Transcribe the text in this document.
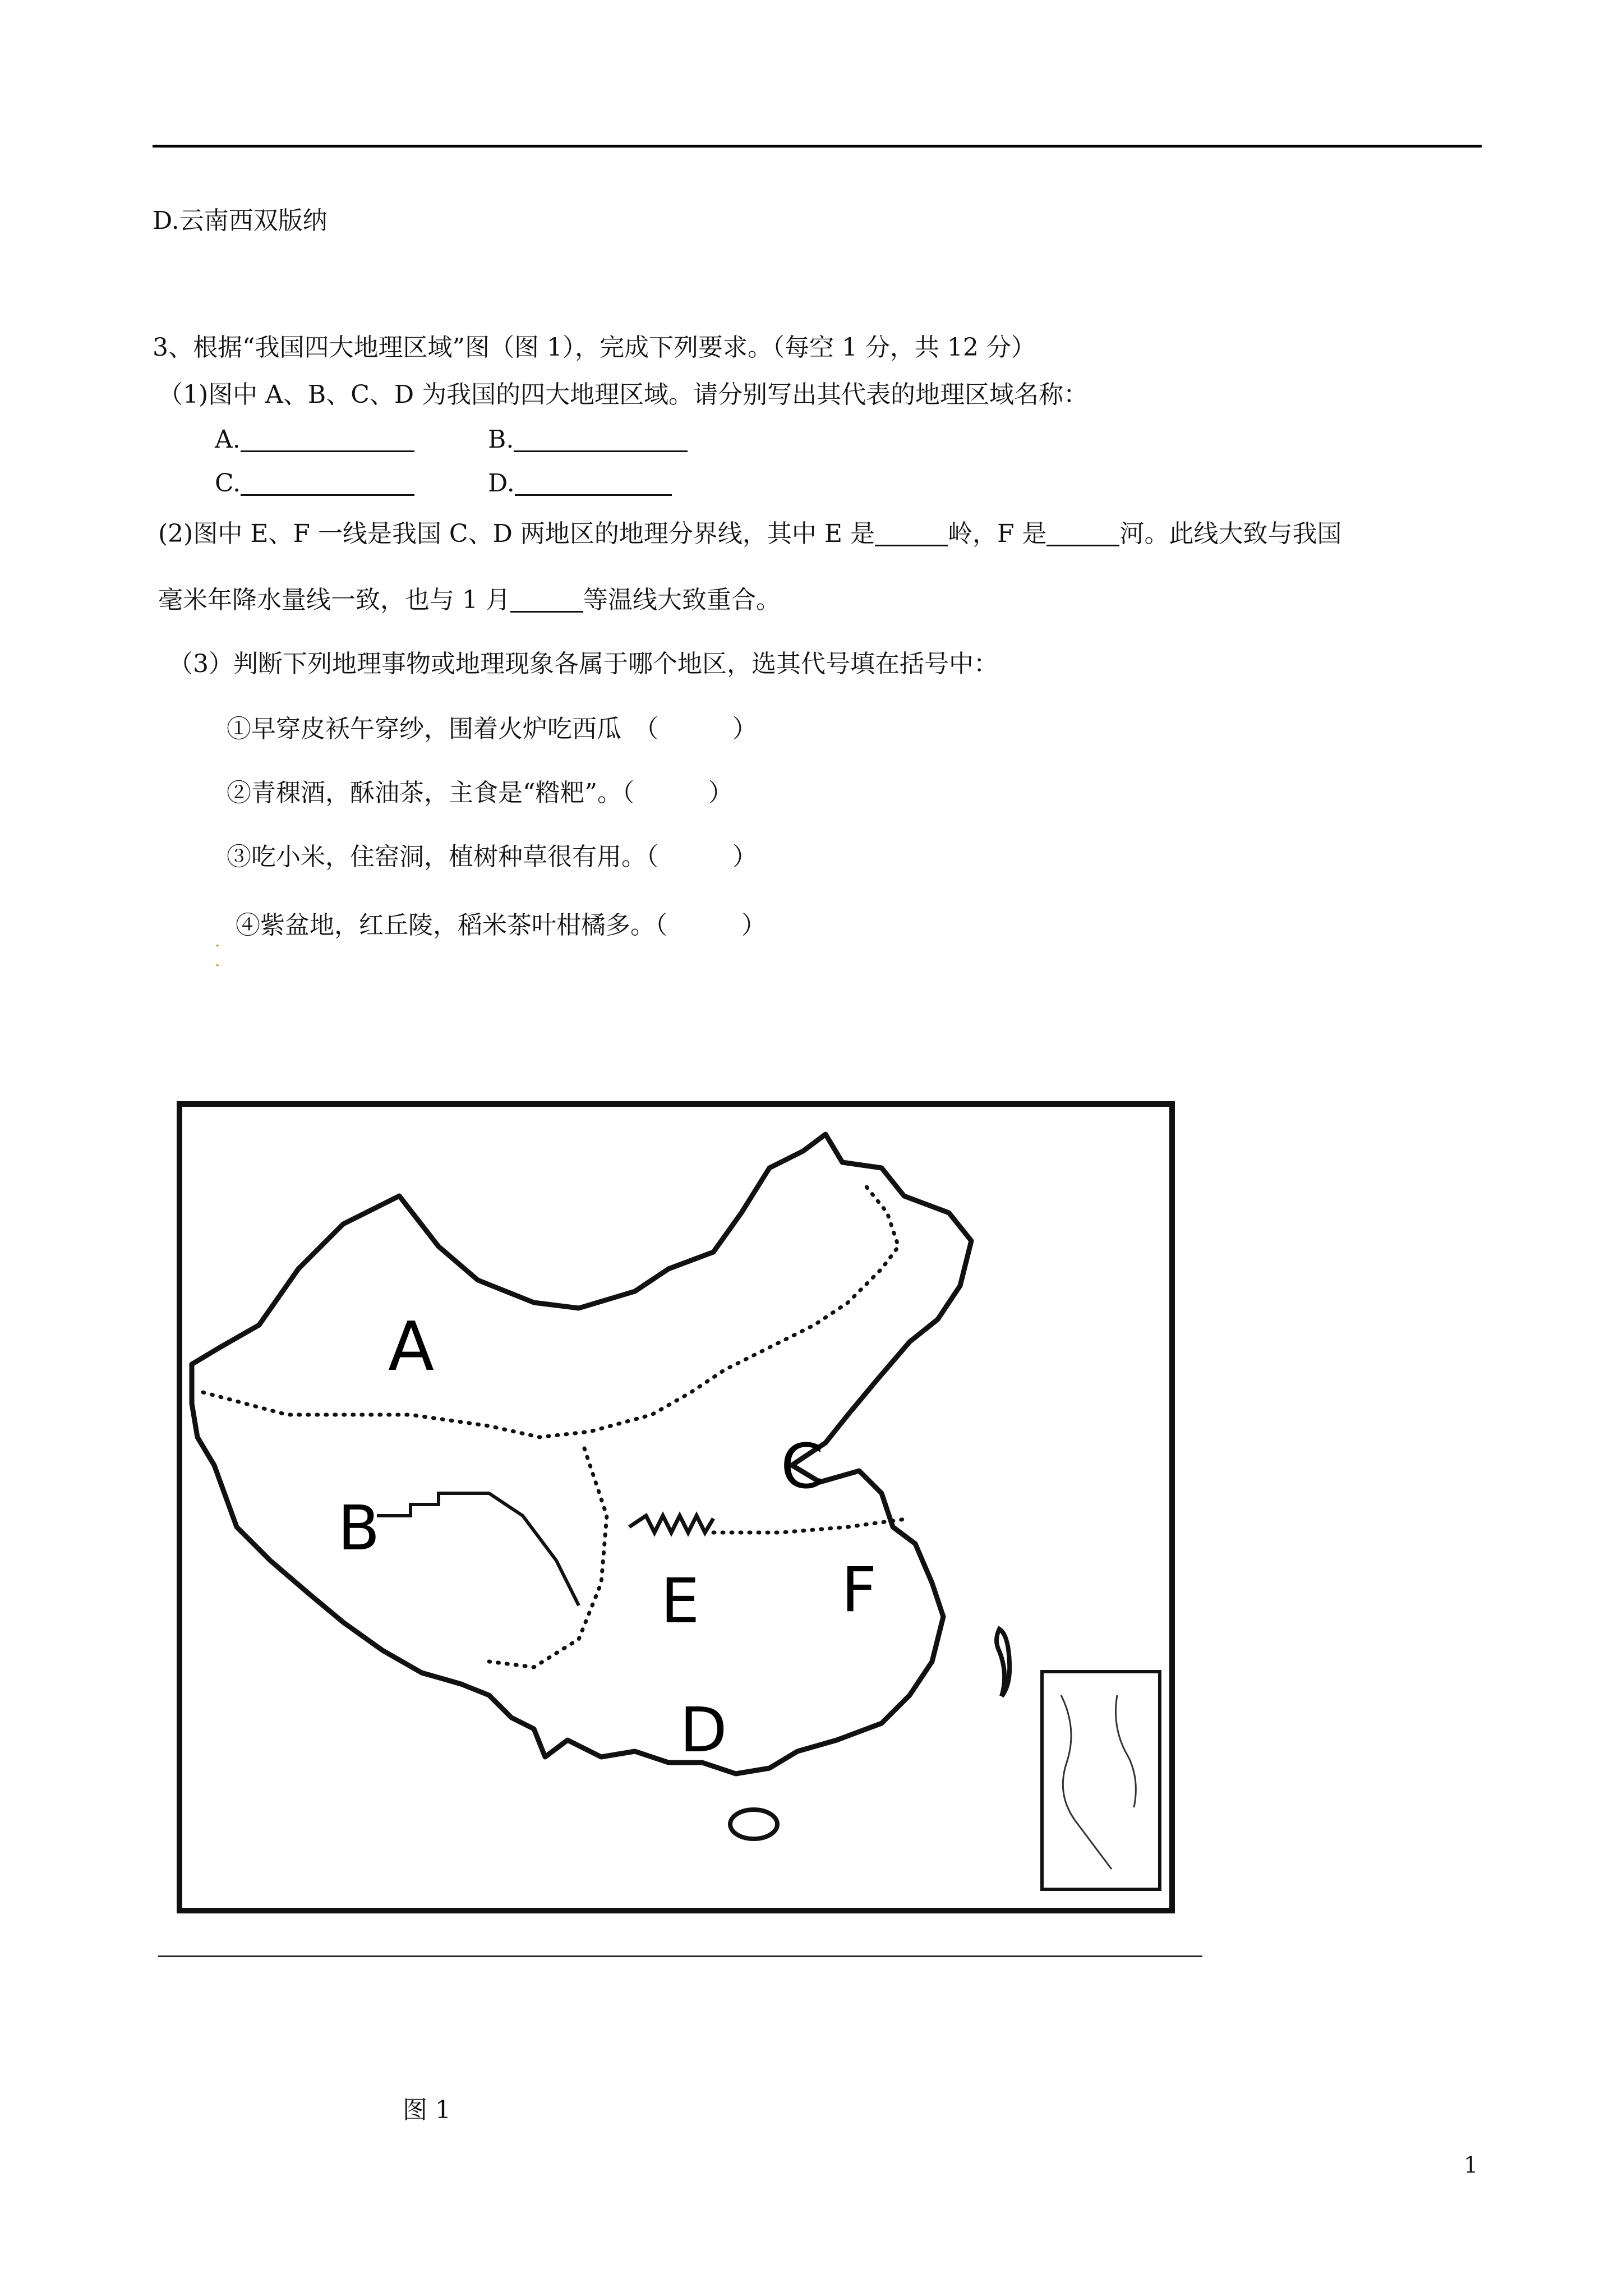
D.云南西双版纳
3、根据“我国四大地理区域”图（图 1），完成下列要求。（每空 1 分，共 12 分）
（1)图中 A、B、C、D 为我国的四大地理区域。请分别写出其代表的地理区域名称：
A.	B.
C.	D.
(2)图中 E、F 一线是我国 C、D 两地区的地理分界线，其中 E 是	岭，F 是	河。此线大致与我国
毫米年降水量线一致，也与 1 月	等温线大致重合。
（3）判断下列地理事物或地理现象各属于哪个地区，选其代号填在括号中：
①早穿皮袄午穿纱，围着火炉吃西瓜　（　　　）
②青稞酒，酥油茶，主食是“糌粑”。（　　　）
③吃小米，住窑洞，植树种草很有用。（　　　）
④紫盆地，红丘陵，稻米茶叶柑橘多。（　　　）
. .
A
B
C
D
E F
图 1
1
